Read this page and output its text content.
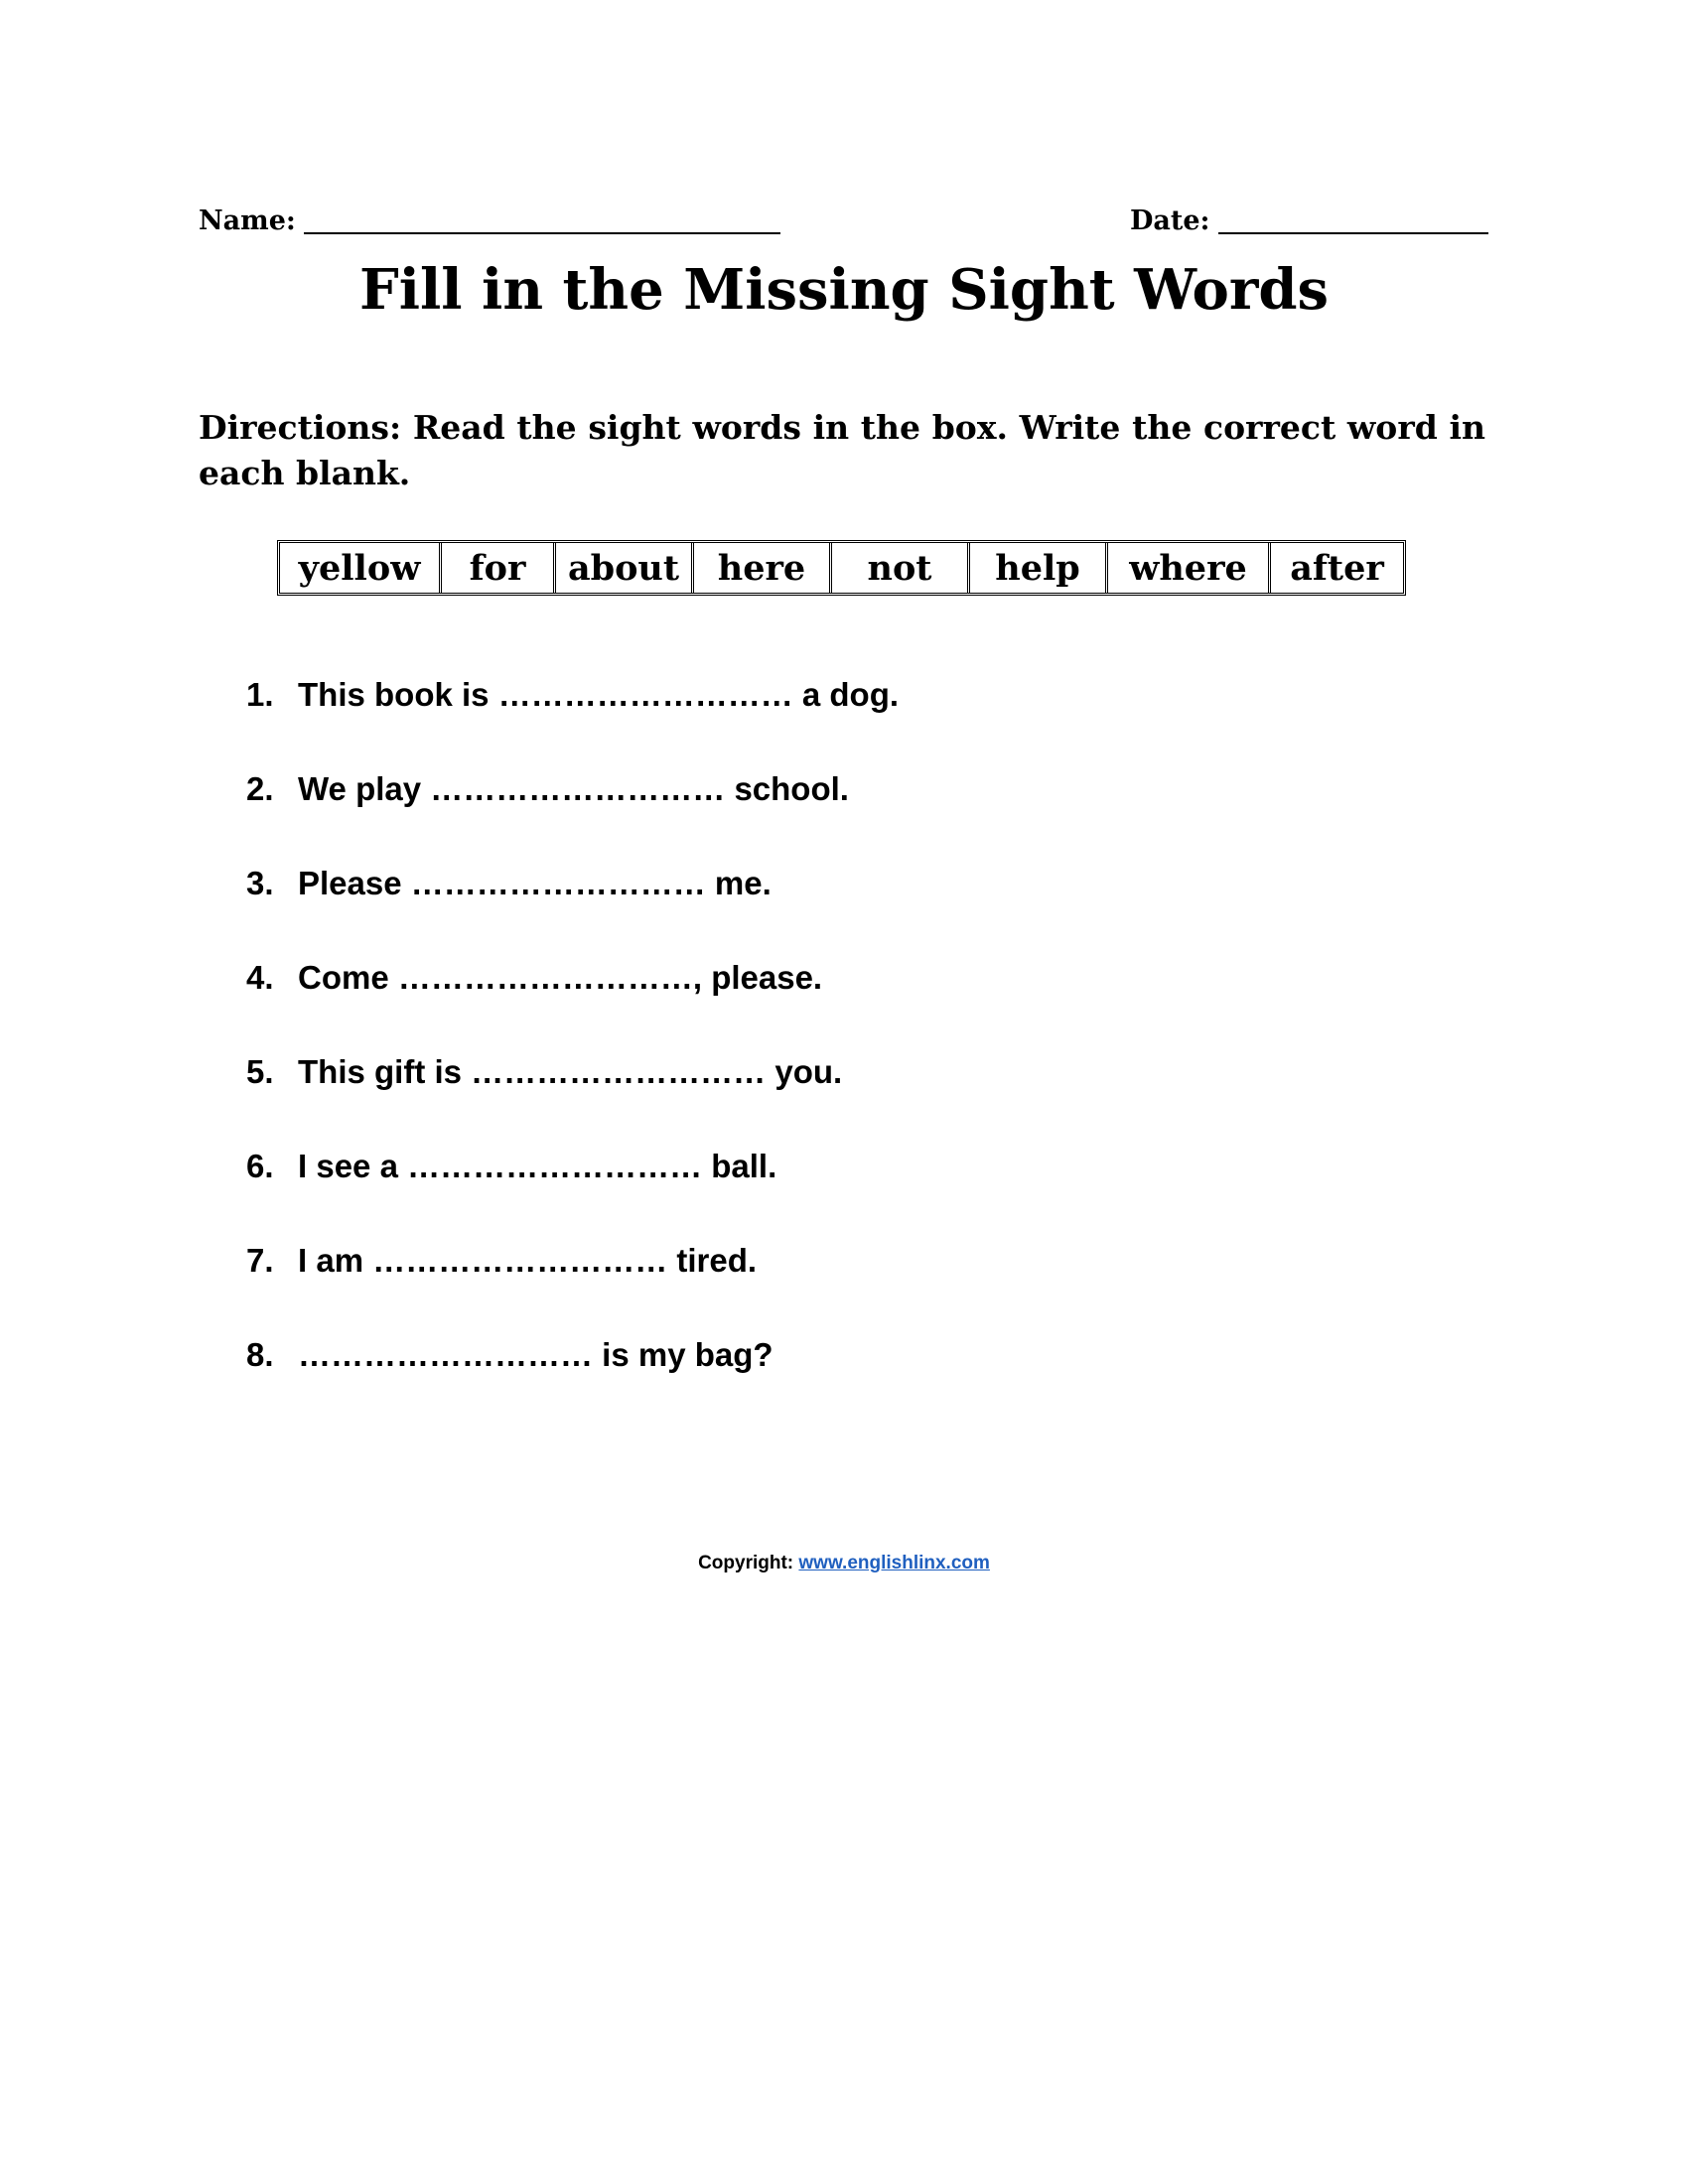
Name:	Date:
Fill in the Missing Sight Words

Directions: Read the sight words in the box. Write the correct word in each blank.

yellow	for	about	here	not	help	where	after
1. This book is ……………………… a dog.
2. We play ……………………… school.
3. Please ……………………… me.
4. Come ………………………, please.
5. This gift is ……………………… you.
6. I see a ……………………… ball.
7. I am ……………………… tired.
8. ……………………… is my bag?
Copyright: www.englishlinx.com
